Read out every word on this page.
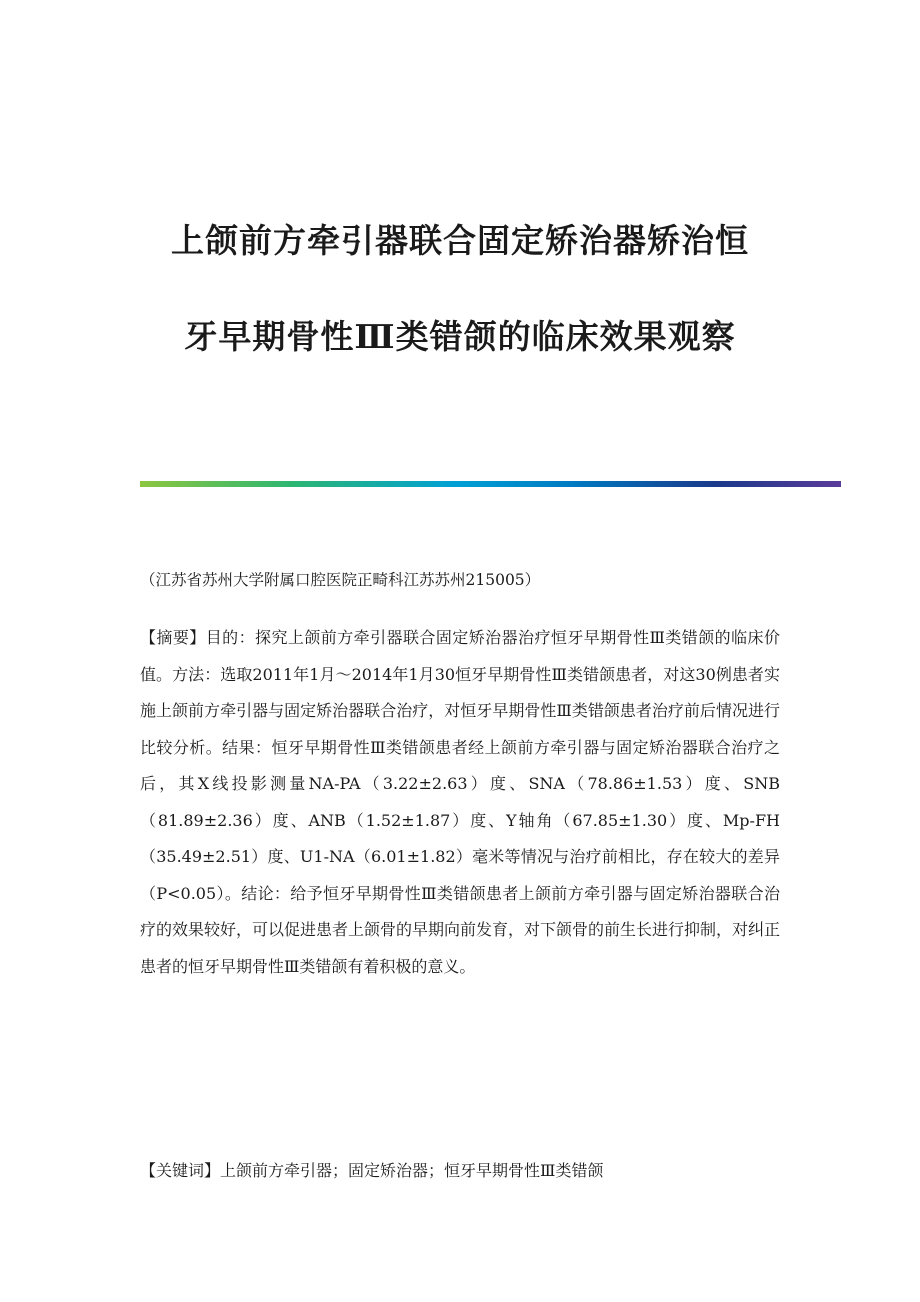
上颌前方牵引器联合固定矫治器矫治恒
牙早期骨性Ⅲ类错颌的临床效果观察
（江苏省苏州大学附属口腔医院正畸科江苏苏州215005）

【摘要】目的：探究上颌前方牵引器联合固定矫治器治疗恒牙早期骨性Ⅲ类错颌的临床价值。方法：选取2011年1月～2014年1月30恒牙早期骨性Ⅲ类错颌患者，对这30例患者实施上颌前方牵引器与固定矫治器联合治疗，对恒牙早期骨性Ⅲ类错颌患者治疗前后情况进行比较分析。结果：恒牙早期骨性Ⅲ类错颌患者经上颌前方牵引器与固定矫治器联合治疗之后，其X线投影测量NA-PA（3.22±2.63）度、SNA（78.86±1.53）度、SNB（81.89±2.36）度、ANB（1.52±1.87）度、Y轴角（67.85±1.30）度、Mp-FH（35.49±2.51）度、U1-NA（6.01±1.82）毫米等情况与治疗前相比，存在较大的差异（P<0.05）。结论：给予恒牙早期骨性Ⅲ类错颌患者上颌前方牵引器与固定矫治器联合治疗的效果较好，可以促进患者上颌骨的早期向前发育，对下颌骨的前生长进行抑制，对纠正患者的恒牙早期骨性Ⅲ类错颌有着积极的意义。

【关键词】上颌前方牵引器；固定矫治器；恒牙早期骨性Ⅲ类错颌
